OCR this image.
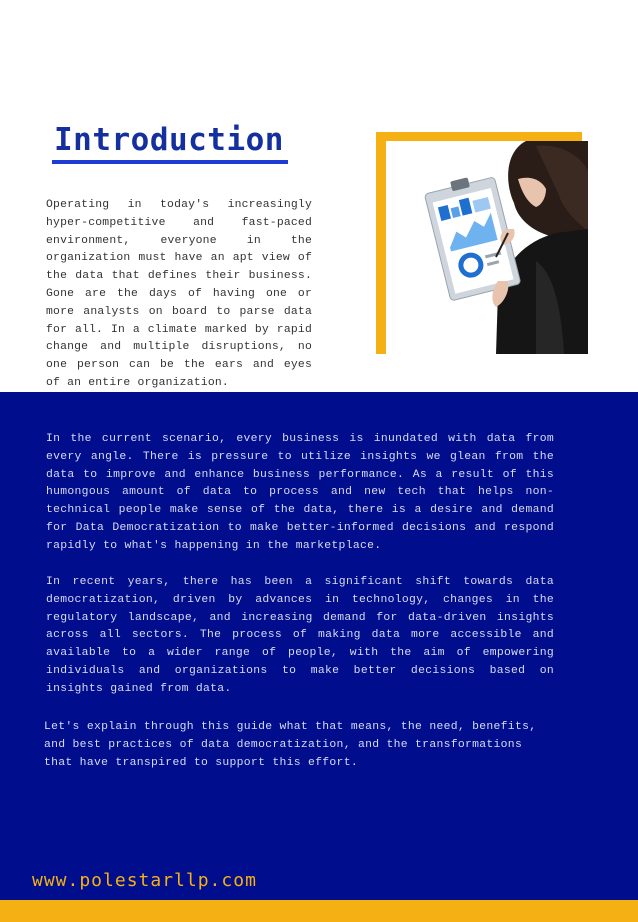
Introduction

Operating in today's increasingly hyper-competitive and fast-paced environment, everyone in the organization must have an apt view of the data that defines their business. Gone are the days of having one or more analysts on board to parse data for all. In a climate marked by rapid change and multiple disruptions, no one person can be the ears and eyes of an entire organization.

In the current scenario, every business is inundated with data from every angle. There is pressure to utilize insights we glean from the data to improve and enhance business performance. As a result of this humongous amount of data to process and new tech that helps non-technical people make sense of the data, there is a desire and demand for Data Democratization to make better-informed decisions and respond rapidly to what's happening in the marketplace.

In recent years, there has been a significant shift towards data democratization, driven by advances in technology, changes in the regulatory landscape, and increasing demand for data-driven insights across all sectors. The process of making data more accessible and available to a wider range of people, with the aim of empowering individuals and organizations to make better decisions based on insights gained from data.

Let's explain through this guide what that means, the need, benefits, and best practices of data democratization, and the transformations that have transpired to support this effort.

www.polestarllp.com
